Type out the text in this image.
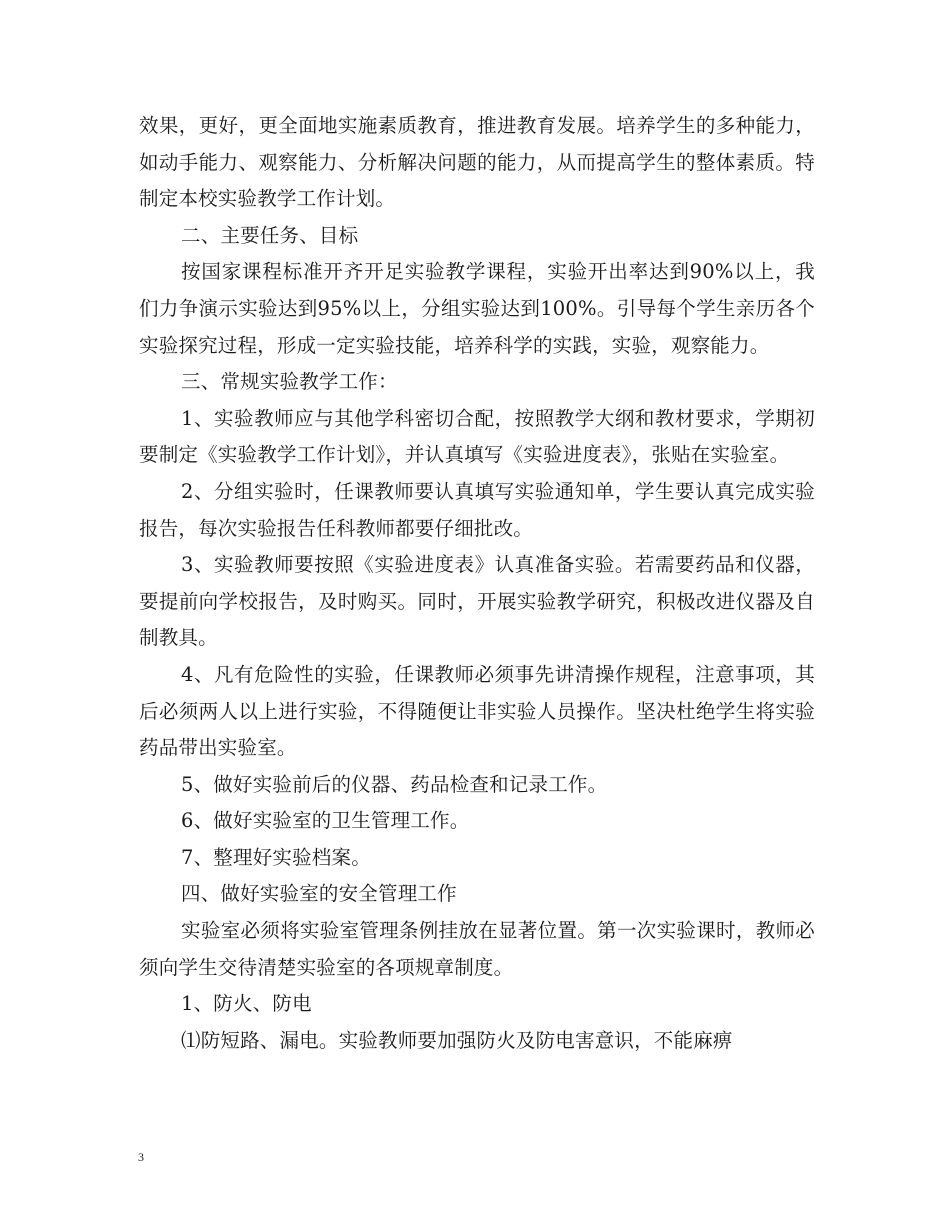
效果，更好，更全面地实施素质教育，推进教育发展。培养学生的多种能力，如动手能力、观察能力、分析解决问题的能力，从而提高学生的整体素质。特制定本校实验教学工作计划。

二、主要任务、目标

按国家课程标准开齐开足实验教学课程，实验开出率达到90%以上，我们力争演示实验达到95%以上，分组实验达到100%。引导每个学生亲历各个实验探究过程，形成一定实验技能，培养科学的实践，实验，观察能力。

三、常规实验教学工作：

1、实验教师应与其他学科密切合配，按照教学大纲和教材要求，学期初要制定《实验教学工作计划》，并认真填写《实验进度表》，张贴在实验室。

2、分组实验时，任课教师要认真填写实验通知单，学生要认真完成实验报告，每次实验报告任科教师都要仔细批改。

3、实验教师要按照《实验进度表》认真准备实验。若需要药品和仪器，要提前向学校报告，及时购买。同时，开展实验教学研究，积极改进仪器及自制教具。

4、凡有危险性的实验，任课教师必须事先讲清操作规程，注意事项，其后必须两人以上进行实验，不得随便让非实验人员操作。坚决杜绝学生将实验药品带出实验室。

5、做好实验前后的仪器、药品检查和记录工作。

6、做好实验室的卫生管理工作。

7、整理好实验档案。

四、做好实验室的安全管理工作

实验室必须将实验室管理条例挂放在显著位置。第一次实验课时，教师必须向学生交待清楚实验室的各项规章制度。

1、防火、防电

⑴防短路、漏电。实验教师要加强防火及防电害意识，不能麻痹

3
